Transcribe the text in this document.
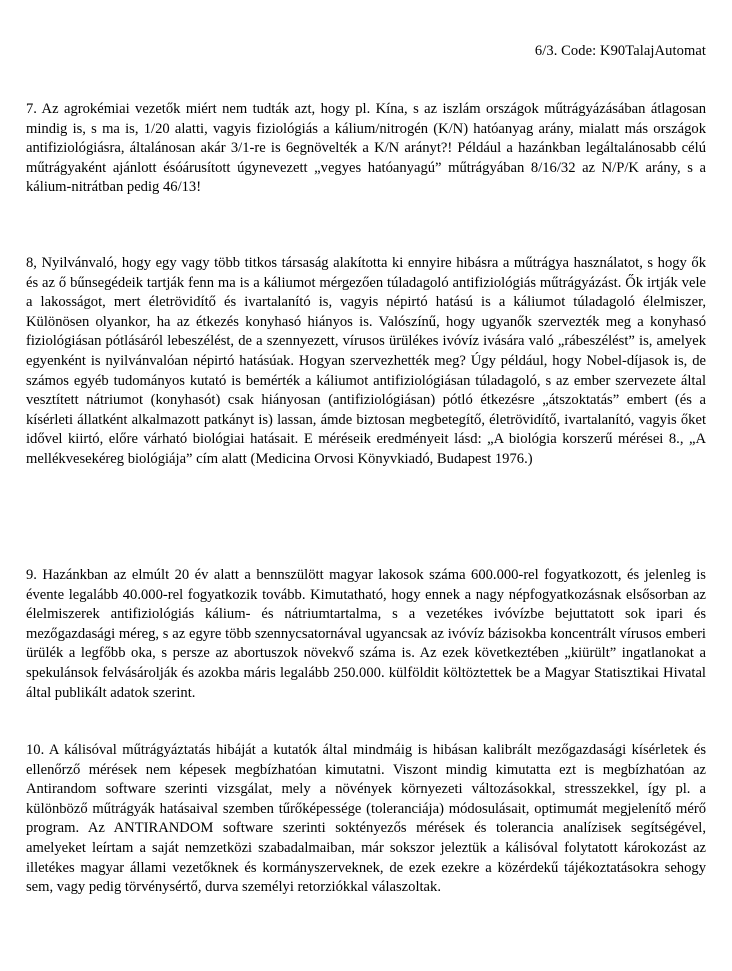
6/3. Code: K90TalajAutomat

7. Az agrokémiai vezetők miért nem tudták azt, hogy pl. Kína, s az iszlám országok műtrágyázásában átlagosan mindig is, s ma is, 1/20 alatti, vagyis fiziológiás a kálium/nitrogén (K/N) hatóanyag arány, mialatt más országok antifiziológiásra, általánosan akár 3/1-re is 6egnövelték a K/N arányt?! Például a hazánkban legáltalánosabb célú műtrágyaként ajánlott ésóárusított úgynevezett „vegyes hatóanyagú” műtrágyában 8/16/32 az N/P/K arány, s a kálium-nitrátban pedig 46/13!

8, Nyilvánvaló, hogy egy vagy több titkos társaság alakította ki ennyire hibásra a műtrágya használatot, s hogy ők és az ő bűnsegédeik tartják fenn ma is a káliumot mérgezően túladagoló antifiziológiás műtrágyázást. Ők irtják vele a lakosságot, mert életrövidítő és ivartalanító is, vagyis népirtó hatású is a káliumot túladagoló élelmiszer, Különösen olyankor, ha az étkezés konyhasó hiányos is. Valószínű, hogy ugyanők szervezték meg a konyhasó fiziológiásan pótlásáról lebeszélést, de a szennyezett, vírusos ürülékes ivóvíz ivására való „rábeszélést” is, amelyek egyenként is nyilvánvalóan népirtó hatásúak. Hogyan szervezhették meg? Úgy például, hogy Nobel-díjasok is, de számos egyéb tudományos kutató is bemérték a káliumot antifiziológiásan túladagoló, s az ember szervezete által vesztített nátriumot (konyhasót) csak hiányosan (antifiziológiásan) pótló étkezésre „átszoktatás” embert (és a kísérleti állatként alkalmazott patkányt is) lassan, ámde biztosan megbetegítő, életrövidítő, ivartalanító, vagyis őket idővel kiirtó, előre várható biológiai hatásait. E méréseik eredményeit lásd: „A biológia korszerű mérései 8., „A mellékvesekéreg biológiája” cím alatt (Medicina Orvosi Könyvkiadó, Budapest 1976.)

9. Hazánkban az elmúlt 20 év alatt a bennszülött magyar lakosok száma 600.000-rel fogyatkozott, és jelenleg is évente legalább 40.000-rel fogyatkozik tovább. Kimutatható, hogy ennek a nagy népfogyatkozásnak elsősorban az élelmiszerek antifiziológiás kálium- és nátriumtartalma, s a vezetékes ivóvízbe bejuttatott sok ipari és mezőgazdasági méreg, s az egyre több szennycsatornával ugyancsak az ivóvíz bázisokba koncentrált vírusos emberi ürülék a legfőbb oka, s persze az abortuszok növekvő száma is. Az ezek következtében „kiürült” ingatlanokat a spekulánsok felvásárolják és azokba máris legalább 250.000. külföldit költöztettek be a Magyar Statisztikai Hivatal által publikált adatok szerint.

10. A kálisóval műtrágyáztatás hibáját a kutatók által mindmáig is hibásan kalibrált mezőgazdasági kísérletek és ellenőrző mérések nem képesek megbízhatóan kimutatni. Viszont mindig kimutatta ezt is megbízhatóan az Antirandom software szerinti vizsgálat, mely a növények környezeti változásokkal, stresszekkel, így pl. a különböző műtrágyák hatásaival szemben tűrőképessége (toleranciája) módosulásait, optimumát megjelenítő mérő program. Az ANTIRANDOM software szerinti soktényezős mérések és tolerancia analízisek segítségével, amelyeket leírtam a saját nemzetközi szabadalmaiban, már sokszor jeleztük a kálisóval folytatott károkozást az illetékes magyar állami vezetőknek és kormányszerveknek, de ezek ezekre a közérdekű tájékoztatásokra sehogy sem, vagy pedig törvénysértő, durva személyi retorziókkal válaszoltak.
